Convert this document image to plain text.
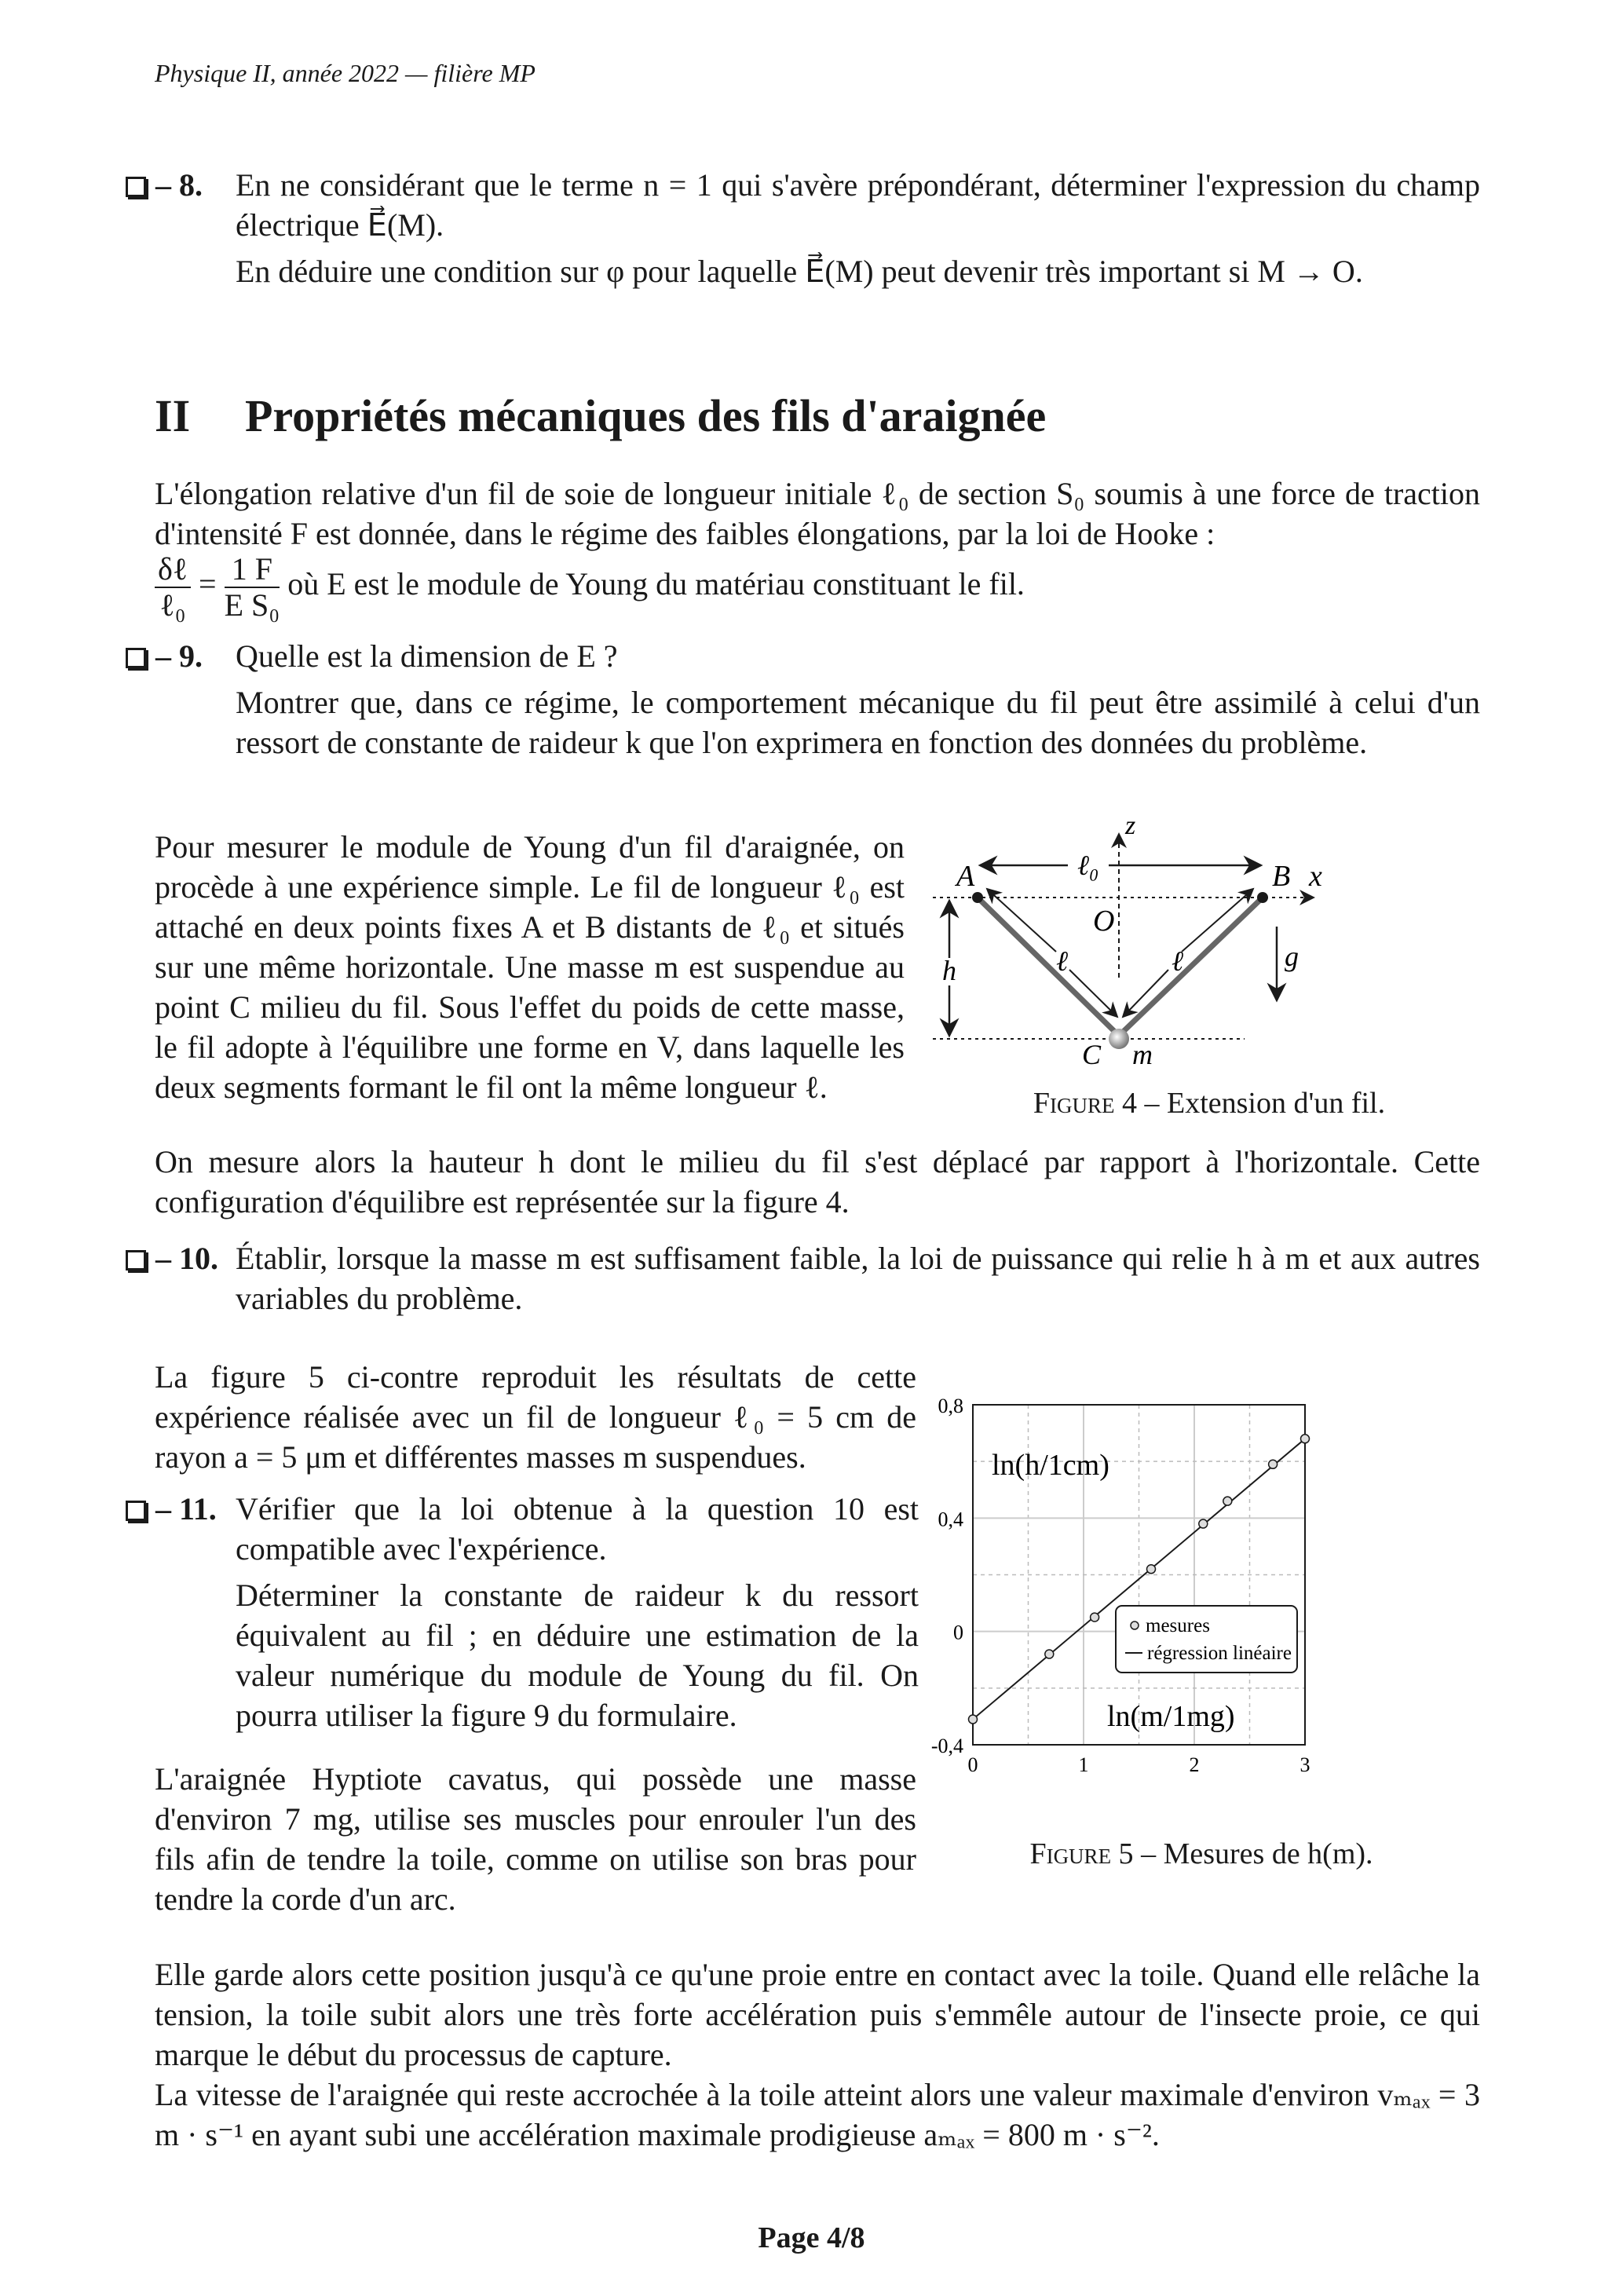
Physique II, année 2022 — filière MP
– 8. En ne considérant que le terme n = 1 qui s'avère prépondérant, déterminer l'expression du champ électrique E⃗(M).

En déduire une condition sur φ pour laquelle E⃗(M) peut devenir très important si M → O.

II Propriétés mécaniques des fils d'araignée

L'élongation relative d'un fil de soie de longueur initiale ℓ₀ de section S₀ soumis à une force de traction d'intensité F est donnée, dans le régime des faibles élongations, par la loi de Hooke :

$\frac{\text{δℓ}}{\text{ℓ₀}} = \frac{1 F}{\text{E S₀}}$ où E est le module de Young du matériau constituant le fil.
– 9. Quelle est la dimension de E ?

Montrer que, dans ce régime, le comportement mécanique du fil peut être assimilé à celui d'un ressort de constante de raideur k que l'on exprimera en fonction des données du problème.

Pour mesurer le module de Young d'un fil d'araignée, on procède à une expérience simple. Le fil de longueur ℓ₀ est attaché en deux points fixes A et B distants de ℓ₀ et situés sur une même horizontale. Une masse m est suspendue au point C milieu du fil. Sous l'effet du poids de cette masse, le fil adopte à l'équilibre une forme en V, dans laquelle les deux segments formant le fil ont la même longueur ℓ.
A	B x
z
ℓ₀
O
ℓ	ℓ
h	g⃗
C m
Figure 4 – Extension d'un fil.
On mesure alors la hauteur h dont le milieu du fil s'est déplacé par rapport à l'horizontale. Cette configuration d'équilibre est représentée sur la figure 4.
– 10. Établir, lorsque la masse m est suffisament faible, la loi de puissance qui relie h à m et aux autres variables du problème.

La figure 5 ci-contre reproduit les résultats de cette expérience réalisée avec un fil de longueur ℓ₀ = 5 cm de rayon a = 5 μm et différentes masses m suspendues.
– 11. Vérifier que la loi obtenue à la question 10 est compatible avec l'expérience.

Déterminer la constante de raideur k du ressort équivalent au fil ; en déduire une estimation de la valeur numérique du module de Young du fil. On pourra utiliser la figure 9 du formulaire.

L'araignée Hyptiote cavatus, qui possède une masse d'environ 7 mg, utilise ses muscles pour enrouler l'un des fils afin de tendre la toile, comme on utilise son bras pour tendre la corde d'un arc.
0	1	2	3
-0,4
0
0,4
0,8
ln(h/1cm)
ln(m/1mg)
mesures
régression linéaire
Figure 5 – Mesures de h(m).

Elle garde alors cette position jusqu'à ce qu'une proie entre en contact avec la toile. Quand elle relâche la tension, la toile subit alors une très forte accélération puis s'emmêle autour de l'insecte proie, ce qui marque le début du processus de capture.

La vitesse de l'araignée qui reste accrochée à la toile atteint alors une valeur maximale d'environ vₘₐₓ = 3 m · s⁻¹ en ayant subi une accélération maximale prodigieuse aₘₐₓ = 800 m · s⁻².

Page 4/8
